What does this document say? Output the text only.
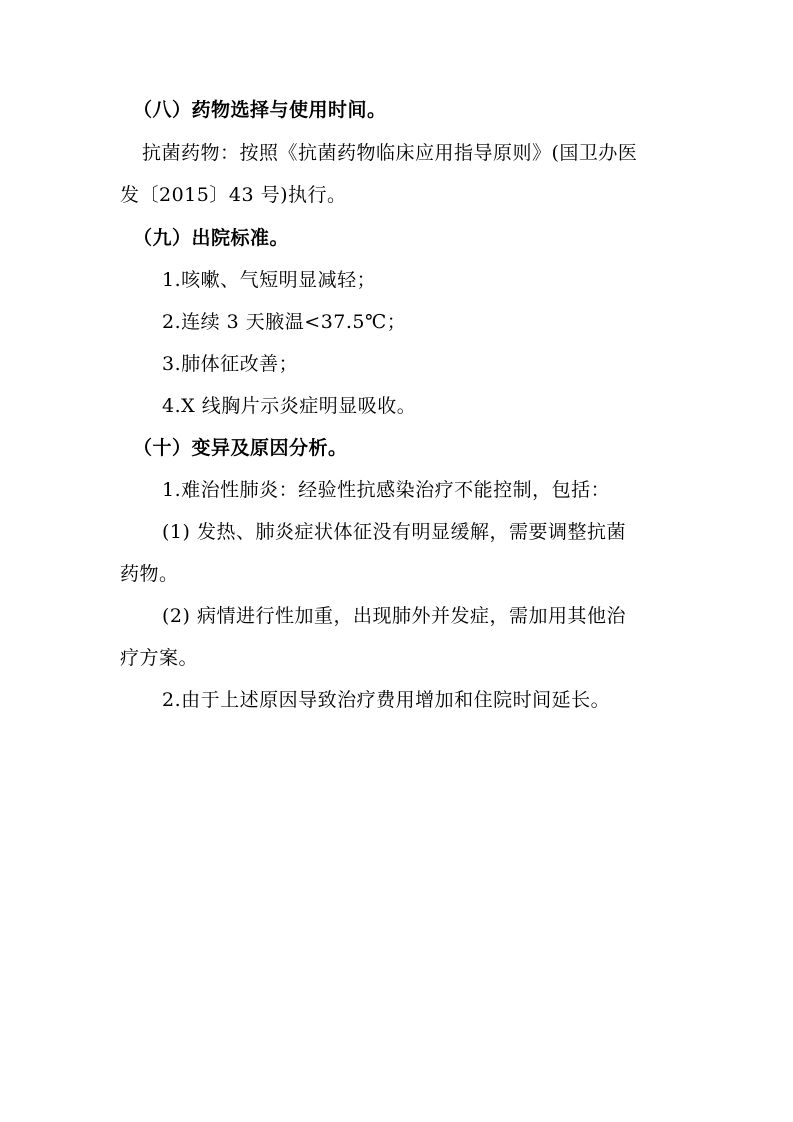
（八）药物选择与使用时间。
抗菌药物：按照《抗菌药物临床应用指导原则》(国卫办医
发〔2015〕43 号)执行。
（九）出院标准。
1.咳嗽、气短明显减轻；
2.连续 3 天腋温<37.5℃；
3.肺体征改善；
4.X 线胸片示炎症明显吸收。
（十）变异及原因分析。
1.难治性肺炎：经验性抗感染治疗不能控制，包括：
(1) 发热、肺炎症状体征没有明显缓解，需要调整抗菌
药物。
(2) 病情进行性加重，出现肺外并发症，需加用其他治
疗方案。
2.由于上述原因导致治疗费用增加和住院时间延长。
